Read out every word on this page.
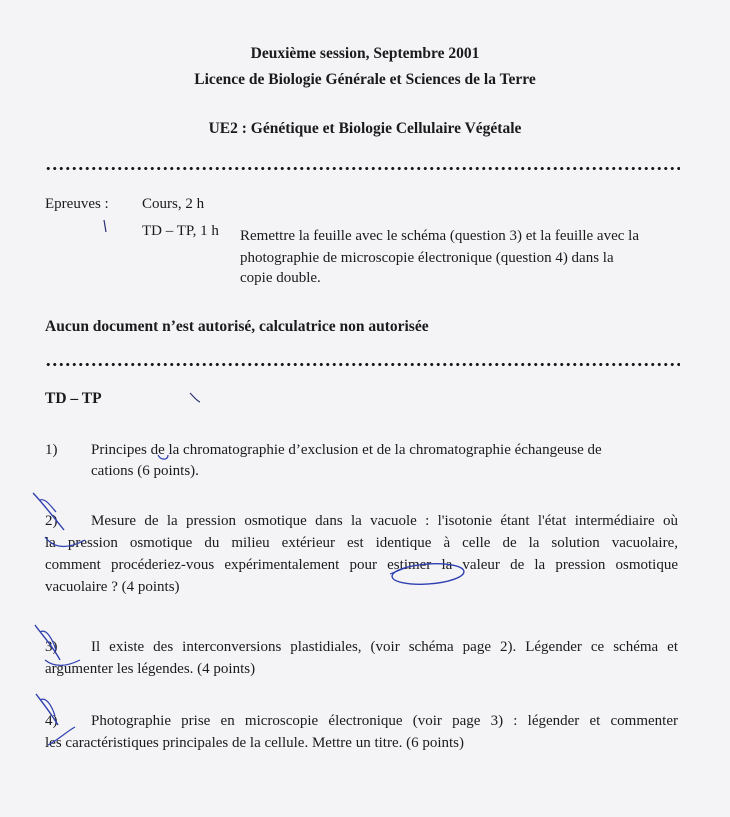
Deuxième session, Septembre 2001
Licence de Biologie Générale et Sciences de la Terre
UE2 : Génétique et Biologie Cellulaire Végétale
Epreuves : Cours, 2 h
TD – TP, 1 h Remettre la feuille avec le schéma (question 3) et la feuille avec la
photographie de microscopie électronique (question 4) dans la
copie double.
Aucun document n’est autorisé, calculatrice non autorisée
TD – TP
1) Principes de la chromatographie d’exclusion et de la chromatographie échangeuse de
cations (6 points).
2) Mesure de la pression osmotique dans la vacuole : l'isotonie étant l'état intermédiaire où
la pression osmotique du milieu extérieur est identique à celle de la solution vacuolaire,
comment procéderiez-vous expérimentalement pour estimer la valeur de la pression osmotique
vacuolaire ? (4 points)
3) Il existe des interconversions plastidiales, (voir schéma page 2). Légender ce schéma et
argumenter les légendes. (4 points)
4) Photographie prise en microscopie électronique (voir page 3) : légender et commenter
les caractéristiques principales de la cellule. Mettre un titre. (6 points)
